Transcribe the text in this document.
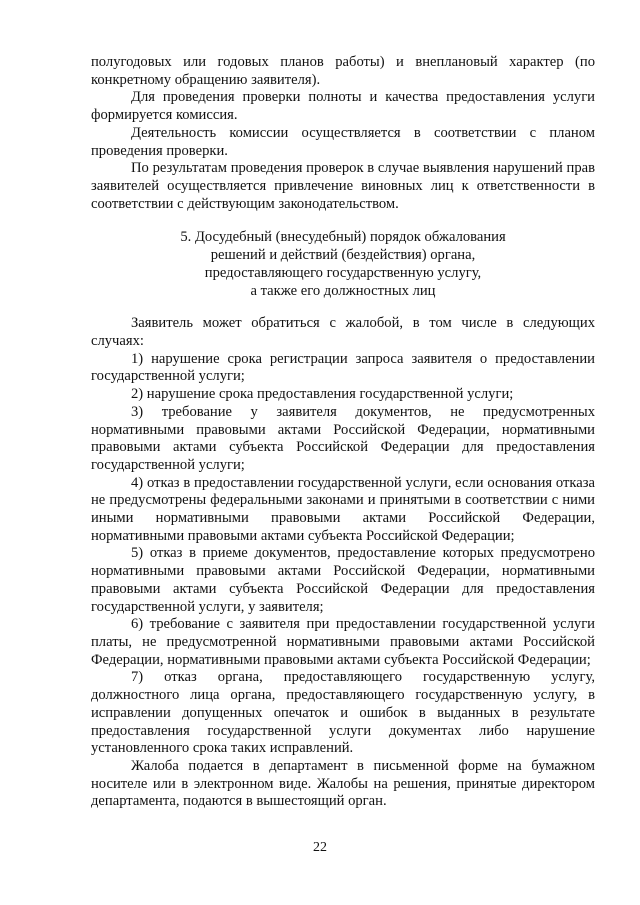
полугодовых или годовых планов работы) и внеплановый характер (по конкретному обращению заявителя).

Для проведения проверки полноты и качества предоставления услуги формируется комиссия.

Деятельность комиссии осуществляется в соответствии с планом проведения проверки.

По результатам проведения проверок в случае выявления нарушений прав заявителей осуществляется привлечение виновных лиц к ответственности в соответствии с действующим законодательством.

5. Досудебный (внесудебный) порядок обжалования
решений и действий (бездействия) органа,
предоставляющего государственную услугу,
а также его должностных лиц

Заявитель может обратиться с жалобой, в том числе в следующих случаях:

1) нарушение срока регистрации запроса заявителя о предоставлении государственной услуги;

2) нарушение срока предоставления государственной услуги;

3) требование у заявителя документов, не предусмотренных нормативными правовыми актами Российской Федерации, нормативными правовыми актами субъекта Российской Федерации для предоставления государственной услуги;

4) отказ в предоставлении государственной услуги, если основания отказа не предусмотрены федеральными законами и принятыми в соответствии с ними иными нормативными правовыми актами Российской Федерации, нормативными правовыми актами субъекта Российской Федерации;

5) отказ в приеме документов, предоставление которых предусмотрено нормативными правовыми актами Российской Федерации, нормативными правовыми актами субъекта Российской Федерации для предоставления государственной услуги, у заявителя;

6) требование с заявителя при предоставлении государственной услуги платы, не предусмотренной нормативными правовыми актами Российской Федерации, нормативными правовыми актами субъекта Российской Федерации;

7) отказ органа, предоставляющего государственную услугу, должностного лица органа, предоставляющего государственную услугу, в исправлении допущенных опечаток и ошибок в выданных в результате предоставления государственной услуги документах либо нарушение установленного срока таких исправлений.

Жалоба подается в департамент в письменной форме на бумажном носителе или в электронном виде. Жалобы на решения, принятые директором департамента, подаются в вышестоящий орган.

22
